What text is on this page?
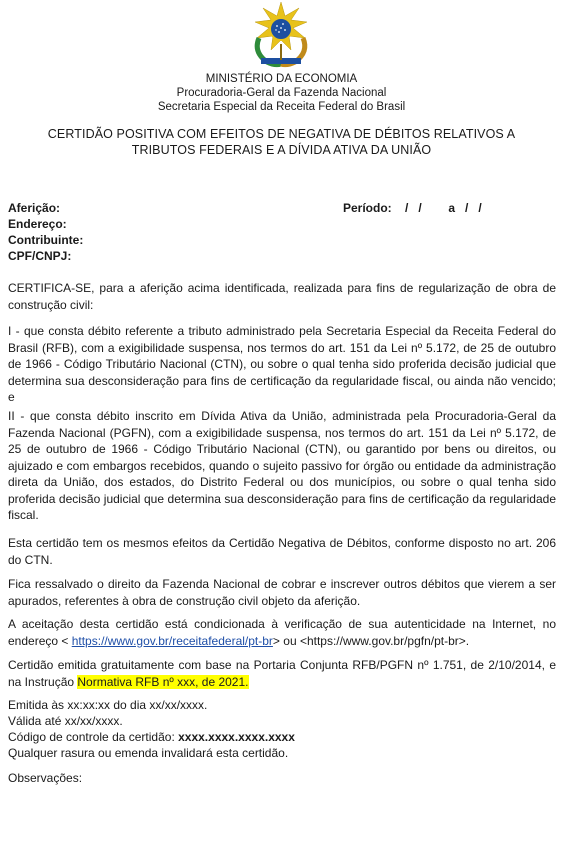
MINISTÉRIO DA ECONOMIA
Procuradoria-Geral da Fazenda Nacional
Secretaria Especial da Receita Federal do Brasil
CERTIDÃO POSITIVA COM EFEITOS DE NEGATIVA DE DÉBITOS RELATIVOS A TRIBUTOS FEDERAIS E A DÍVIDA ATIVA DA UNIÃO
Aferição:
Endereço:
Contribuinte:
CPF/CNPJ:
Período:    /   /        a   /   /
CERTIFICA-SE, para a aferição acima identificada, realizada para fins de regularização de obra de construção civil:
I - que consta débito referente a tributo administrado pela Secretaria Especial da Receita Federal do Brasil (RFB), com a exigibilidade suspensa, nos termos do art. 151 da Lei nº 5.172, de 25 de outubro de 1966 - Código Tributário Nacional (CTN), ou sobre o qual tenha sido proferida decisão judicial que determina sua desconsideração para fins de certificação da regularidade fiscal, ou ainda não vencido; e
II - que consta débito inscrito em Dívida Ativa da União, administrada pela Procuradoria-Geral da Fazenda Nacional (PGFN), com a exigibilidade suspensa, nos termos do art. 151 da Lei nº 5.172, de 25 de outubro de 1966 - Código Tributário Nacional (CTN), ou garantido por bens ou direitos, ou ajuizado e com embargos recebidos, quando o sujeito passivo for órgão ou entidade da administração direta da União, dos estados, do Distrito Federal ou dos municípios, ou sobre o qual tenha sido proferida decisão judicial que determina sua desconsideração para fins de certificação da regularidade fiscal.
Esta certidão tem os mesmos efeitos da Certidão Negativa de Débitos, conforme disposto no art. 206 do CTN.
Fica ressalvado o direito da Fazenda Nacional de cobrar e inscrever outros débitos que vierem a ser apurados, referentes à obra de construção civil objeto da aferição.
A aceitação desta certidão está condicionada à verificação de sua autenticidade na Internet, no endereço < https://www.gov.br/receitafederal/pt-br> ou <https://www.gov.br/pgfn/pt-br>.
Certidão emitida gratuitamente com base na Portaria Conjunta RFB/PGFN nº 1.751, de 2/10/2014, e na Instrução Normativa RFB nº xxx, de 2021.
Emitida às xx:xx:xx do dia xx/xx/xxxx.
Válida até xx/xx/xxxx.
Código de controle da certidão: xxxx.xxxx.xxxx.xxxx
Qualquer rasura ou emenda invalidará esta certidão.
Observações:
